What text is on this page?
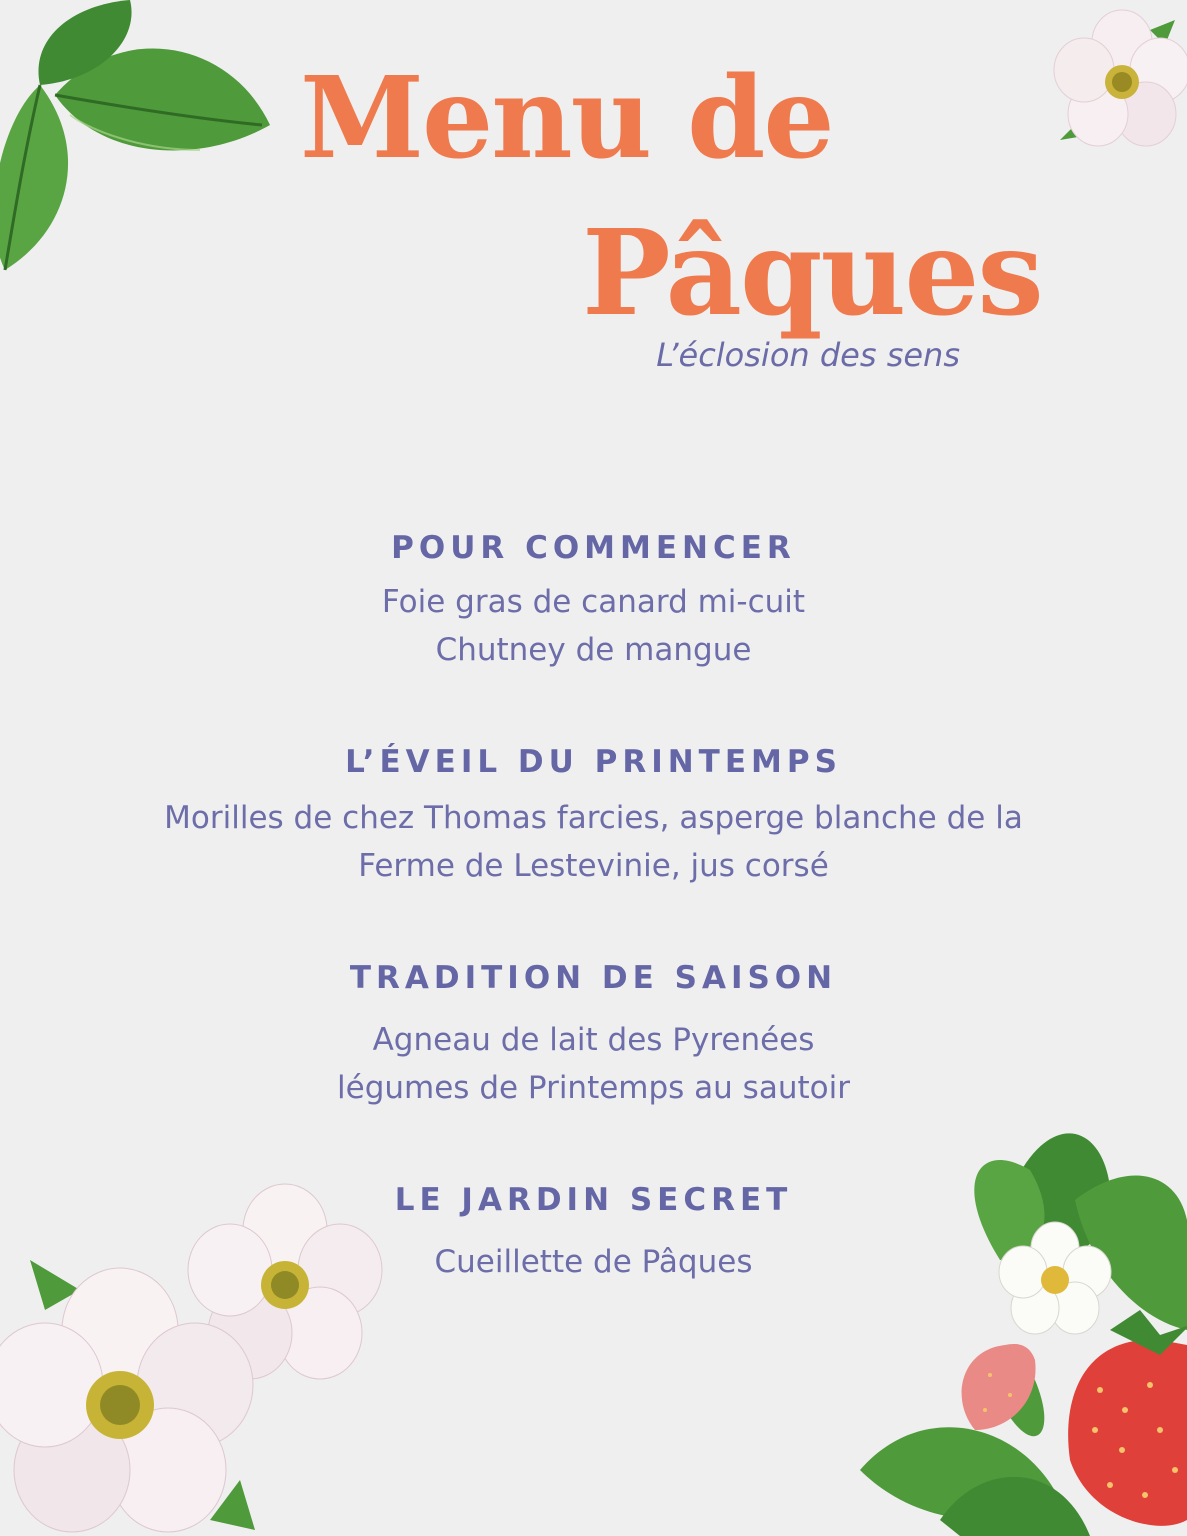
Menu de
Pâques
L’éclosion des sens
POUR COMMENCER

Foie gras de canard mi-cuit

Chutney de mangue

L’ÉVEIL DU PRINTEMPS

Morilles de chez Thomas farcies, asperge blanche de la

Ferme de Lestevinie, jus corsé

TRADITION DE SAISON

Agneau de lait des Pyrenées

légumes de Printemps au sautoir

LE JARDIN SECRET

Cueillette de Pâques
